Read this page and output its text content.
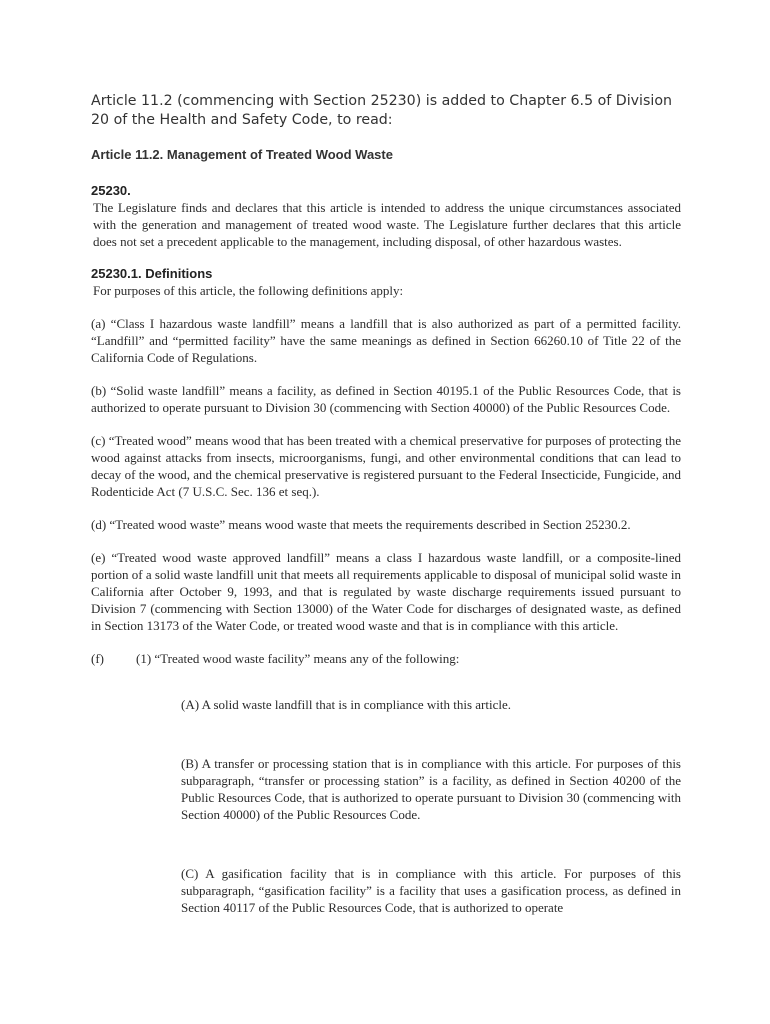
Article 11.2 (commencing with Section 25230) is added to Chapter 6.5 of Division 20 of the Health and Safety Code, to read:

Article 11.2. Management of Treated Wood Waste

25230.

The Legislature finds and declares that this article is intended to address the unique circumstances associated with the generation and management of treated wood waste. The Legislature further declares that this article does not set a precedent applicable to the management, including disposal, of other hazardous wastes.

25230.1. Definitions

For purposes of this article, the following definitions apply:

(a) “Class I hazardous waste landfill” means a landfill that is also authorized as part of a permitted facility. “Landfill” and “permitted facility” have the same meanings as defined in Section 66260.10 of Title 22 of the California Code of Regulations.

(b) “Solid waste landfill” means a facility, as defined in Section 40195.1 of the Public Resources Code, that is authorized to operate pursuant to Division 30 (commencing with Section 40000) of the Public Resources Code.

(c) “Treated wood” means wood that has been treated with a chemical preservative for purposes of protecting the wood against attacks from insects, microorganisms, fungi, and other environmental conditions that can lead to decay of the wood, and the chemical preservative is registered pursuant to the Federal Insecticide, Fungicide, and Rodenticide Act (7 U.S.C. Sec. 136 et seq.).

(d) “Treated wood waste” means wood waste that meets the requirements described in Section 25230.2.

(e) “Treated wood waste approved landfill” means a class I hazardous waste landfill, or a composite-lined portion of a solid waste landfill unit that meets all requirements applicable to disposal of municipal solid waste in California after October 9, 1993, and that is regulated by waste discharge requirements issued pursuant to Division 7 (commencing with Section 13000) of the Water Code for discharges of designated waste, as defined in Section 13173 of the Water Code, or treated wood waste and that is in compliance with this article.

(f)	(1) “Treated wood waste facility” means any of the following:

(A) A solid waste landfill that is in compliance with this article.

(B) A transfer or processing station that is in compliance with this article. For purposes of this subparagraph, “transfer or processing station” is a facility, as defined in Section 40200 of the Public Resources Code, that is authorized to operate pursuant to Division 30 (commencing with Section 40000) of the Public Resources Code.

(C) A gasification facility that is in compliance with this article. For purposes of this subparagraph, “gasification facility” is a facility that uses a gasification process, as defined in Section 40117 of the Public Resources Code, that is authorized to operate
